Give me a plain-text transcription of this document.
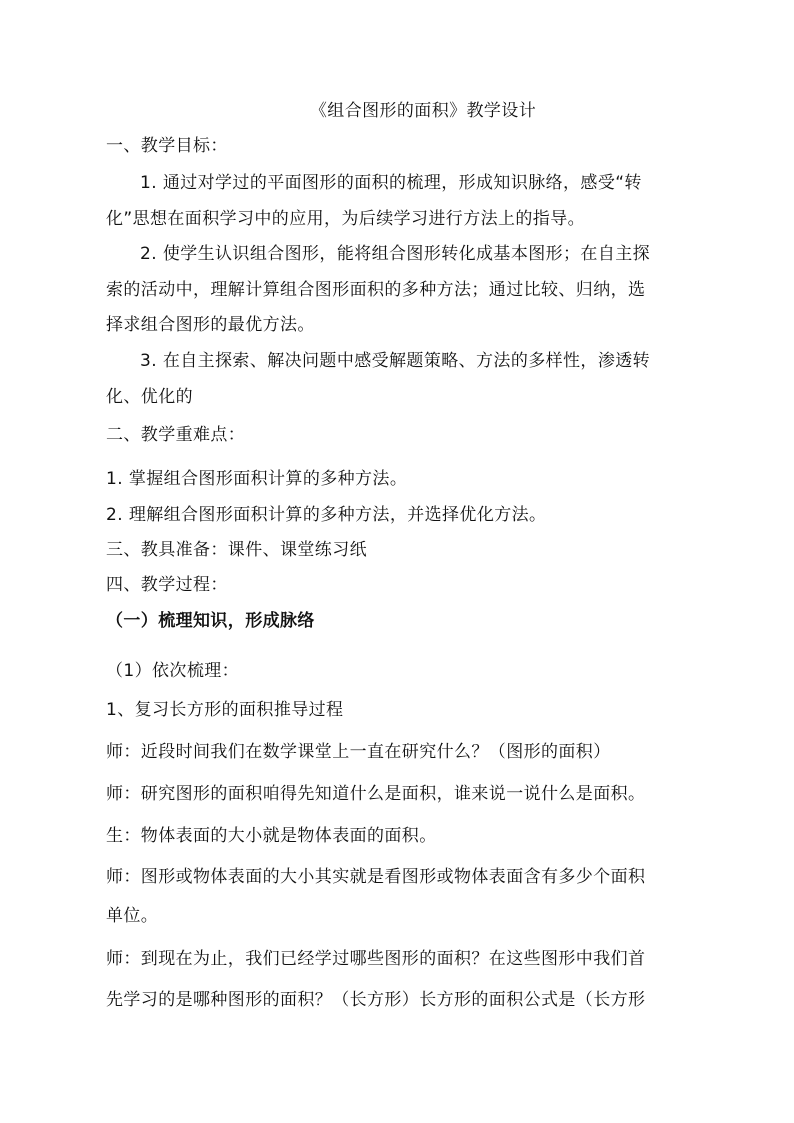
《组合图形的面积》教学设计
一、教学目标：
1. 通过对学过的平面图形的面积的梳理，形成知识脉络，感受“转
化”思想在面积学习中的应用，为后续学习进行方法上的指导。
2. 使学生认识组合图形，能将组合图形转化成基本图形；在自主探
索的活动中，理解计算组合图形面积的多种方法；通过比较、归纳，选
择求组合图形的最优方法。
3. 在自主探索、解决问题中感受解题策略、方法的多样性，渗透转
化、优化的
二、教学重难点：
1. 掌握组合图形面积计算的多种方法。
2. 理解组合图形面积计算的多种方法，并选择优化方法。
三、教具准备：课件、课堂练习纸
四、教学过程：
（一）梳理知识，形成脉络
（1）依次梳理：
1、复习长方形的面积推导过程
师：近段时间我们在数学课堂上一直在研究什么？（图形的面积）
师：研究图形的面积咱得先知道什么是面积，谁来说一说什么是面积。
生：物体表面的大小就是物体表面的面积。
师：图形或物体表面的大小其实就是看图形或物体表面含有多少个面积
单位。
师：到现在为止，我们已经学过哪些图形的面积？在这些图形中我们首
先学习的是哪种图形的面积？（长方形）长方形的面积公式是（长方形
